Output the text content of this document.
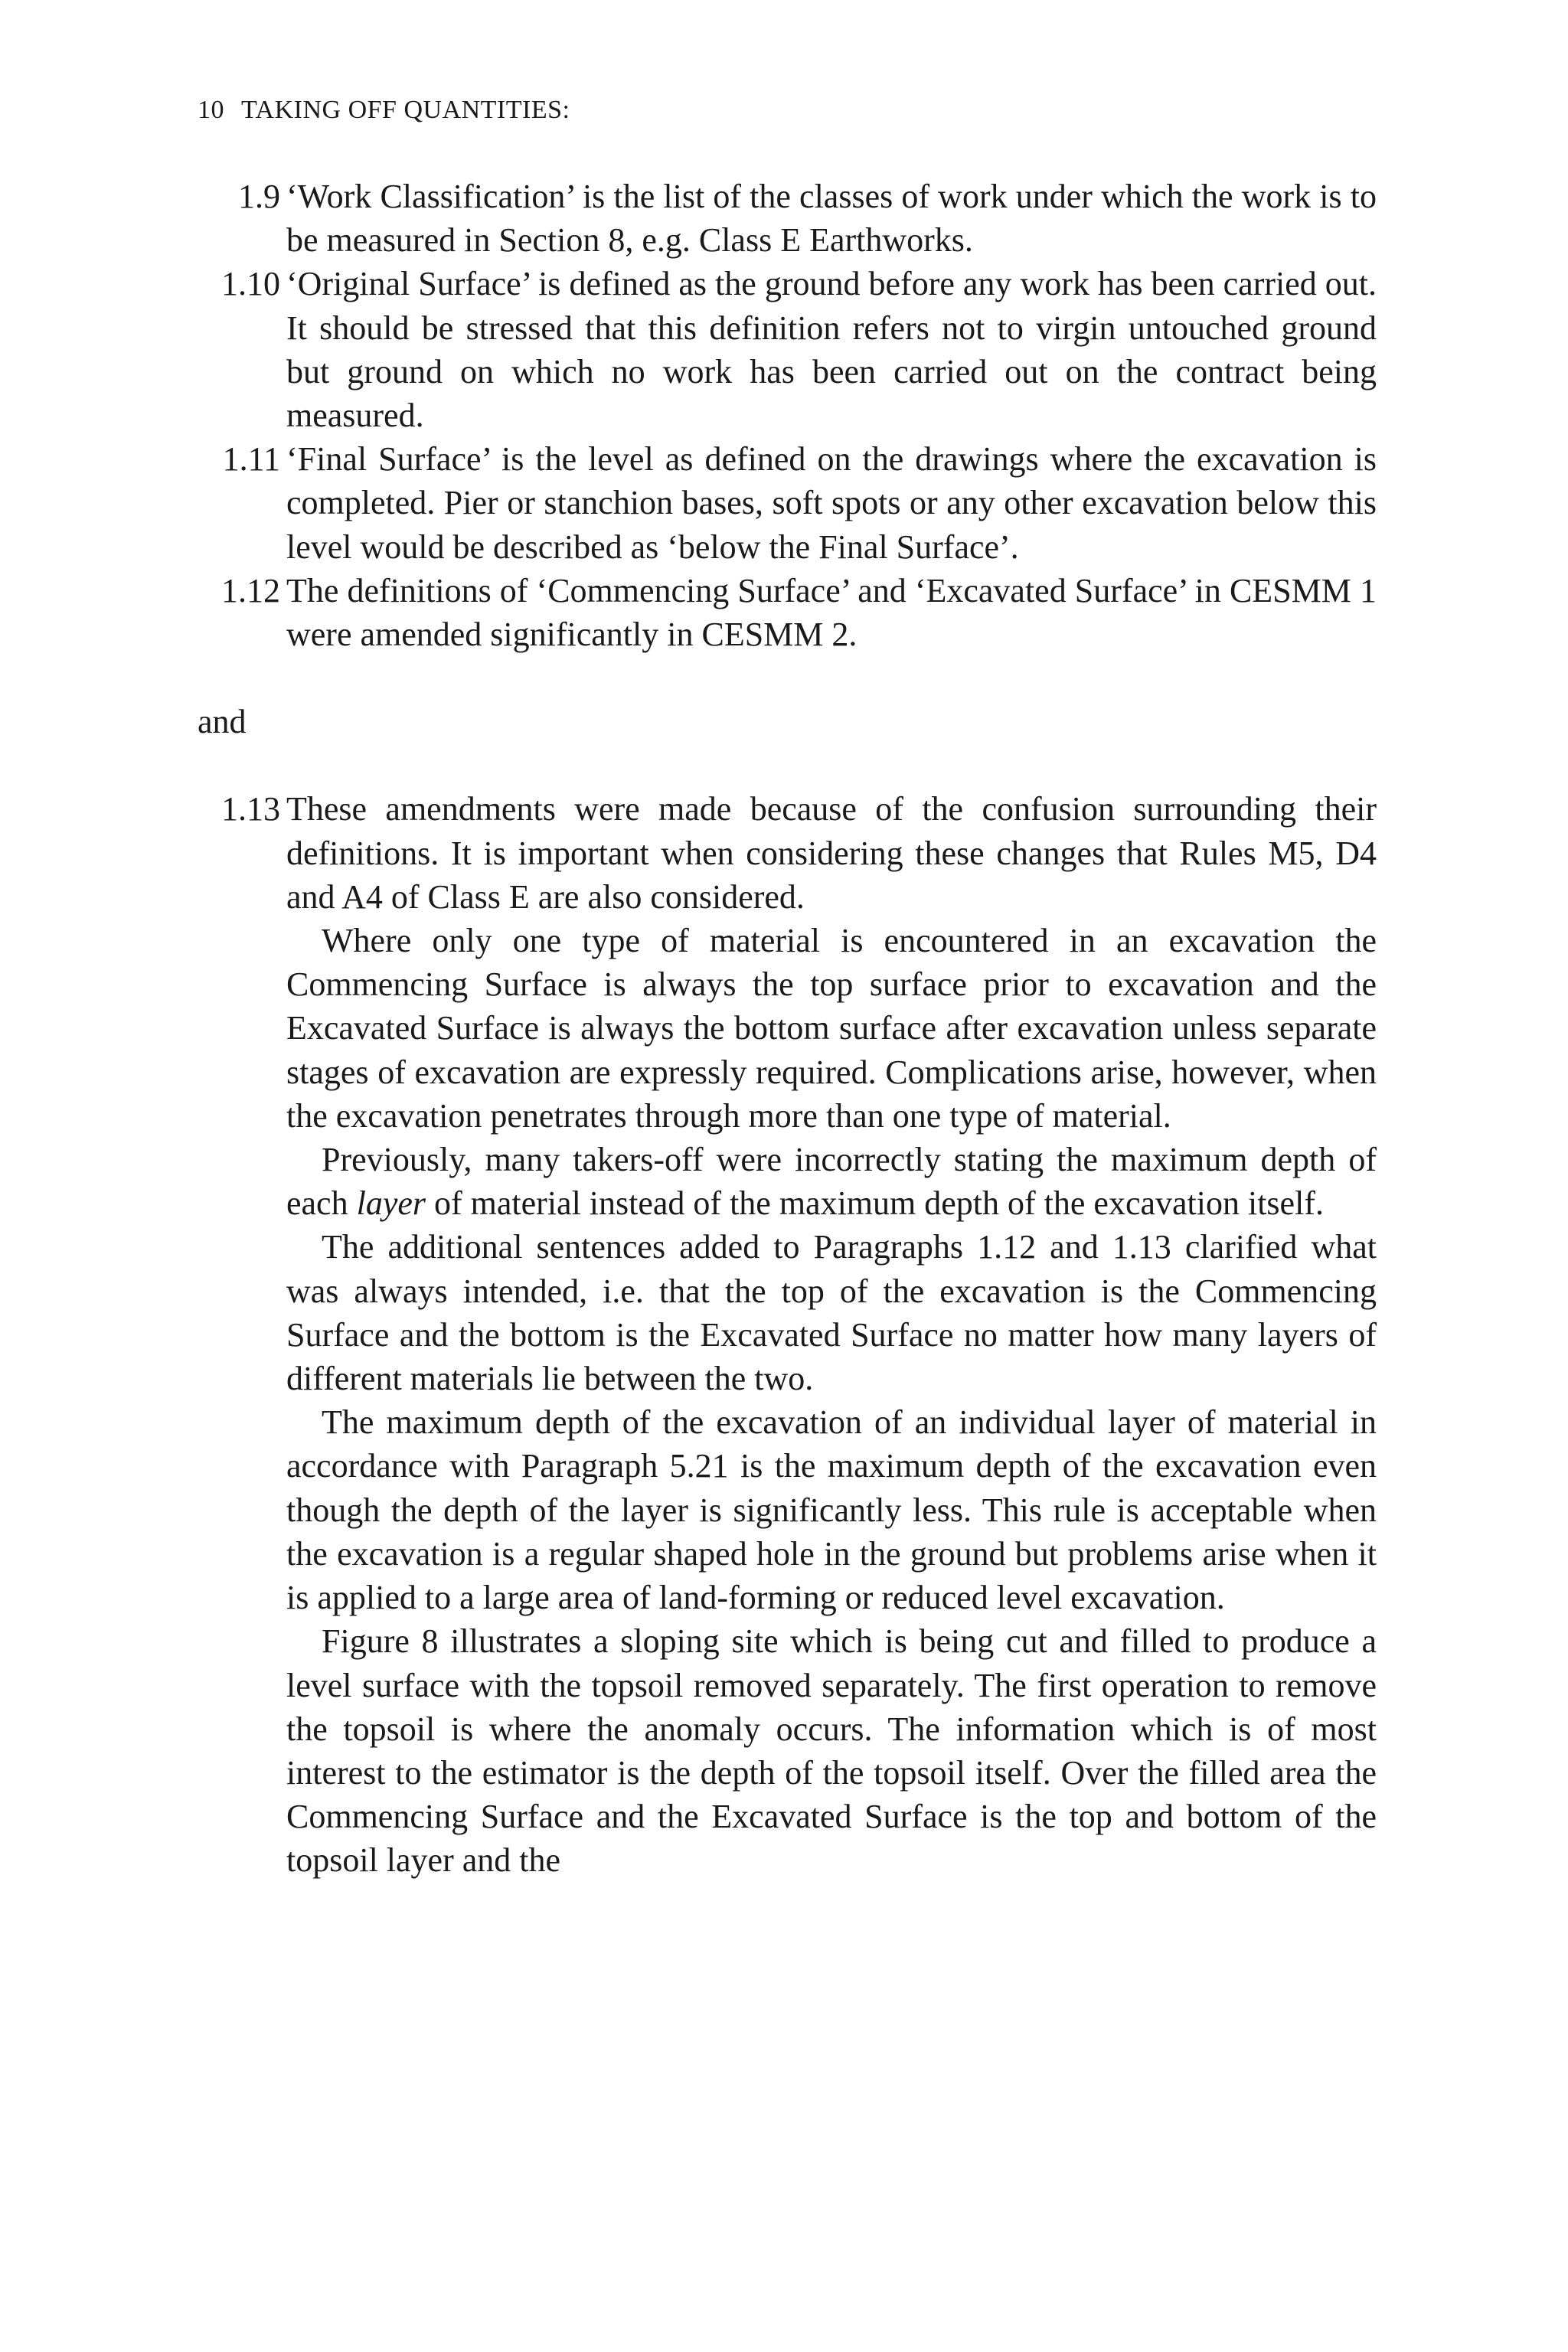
10 TAKING OFF QUANTITIES:
1.9 ‘Work Classification’ is the list of the classes of work under which the work is to be measured in Section 8, e.g. Class E Earthworks.
1.10 ‘Original Surface’ is defined as the ground before any work has been carried out. It should be stressed that this definition refers not to virgin untouched ground but ground on which no work has been carried out on the contract being measured.
1.11 ‘Final Surface’ is the level as defined on the drawings where the excavation is completed. Pier or stanchion bases, soft spots or any other excavation below this level would be described as ‘below the Final Surface’.
1.12 The definitions of ‘Commencing Surface’ and ‘Excavated Surface’ in CESMM 1 were amended significantly in CESMM 2.
and
1.13 These amendments were made because of the confusion surrounding their definitions. It is important when considering these changes that Rules M5, D4 and A4 of Class E are also considered.

Where only one type of material is encountered in an excavation the Commencing Surface is always the top surface prior to excavation and the Excavated Surface is always the bottom surface after excavation unless separate stages of excavation are expressly required. Complications arise, however, when the excavation penetrates through more than one type of material.

Previously, many takers-off were incorrectly stating the maximum depth of each layer of material instead of the maximum depth of the excavation itself.

The additional sentences added to Paragraphs 1.12 and 1.13 clarified what was always intended, i.e. that the top of the excavation is the Commencing Surface and the bottom is the Excavated Surface no matter how many layers of different materials lie between the two.

The maximum depth of the excavation of an individual layer of material in accordance with Paragraph 5.21 is the maximum depth of the excavation even though the depth of the layer is significantly less. This rule is acceptable when the excavation is a regular shaped hole in the ground but problems arise when it is applied to a large area of land-forming or reduced level excavation.

Figure 8 illustrates a sloping site which is being cut and filled to produce a level surface with the topsoil removed separately. The first operation to remove the topsoil is where the anomaly occurs. The information which is of most interest to the estimator is the depth of the topsoil itself. Over the filled area the Commencing Surface and the Excavated Surface is the top and bottom of the topsoil layer and the
